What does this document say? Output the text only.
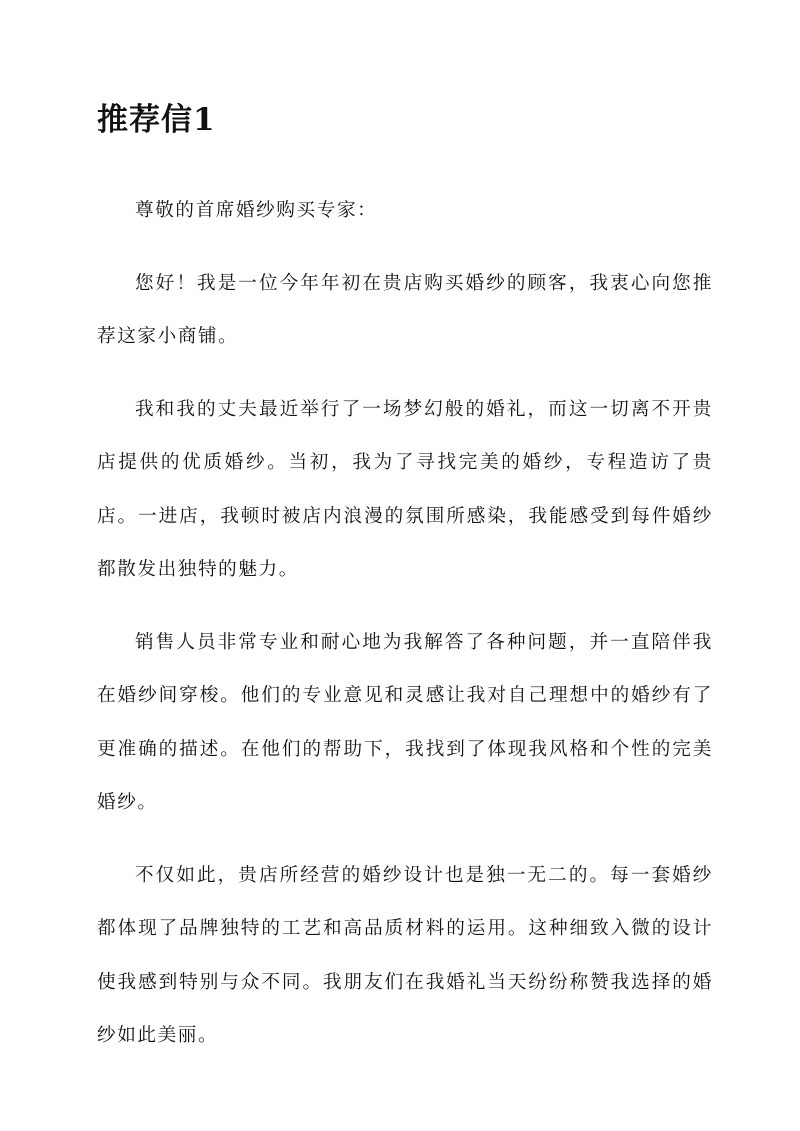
推荐信1

尊敬的首席婚纱购买专家：

您好！我是一位今年年初在贵店购买婚纱的顾客，我衷心向您推荐这家小商铺。

我和我的丈夫最近举行了一场梦幻般的婚礼，而这一切离不开贵店提供的优质婚纱。当初，我为了寻找完美的婚纱，专程造访了贵店。一进店，我顿时被店内浪漫的氛围所感染，我能感受到每件婚纱都散发出独特的魅力。

销售人员非常专业和耐心地为我解答了各种问题，并一直陪伴我在婚纱间穿梭。他们的专业意见和灵感让我对自己理想中的婚纱有了更准确的描述。在他们的帮助下，我找到了体现我风格和个性的完美婚纱。

不仅如此，贵店所经营的婚纱设计也是独一无二的。每一套婚纱都体现了品牌独特的工艺和高品质材料的运用。这种细致入微的设计使我感到特别与众不同。我朋友们在我婚礼当天纷纷称赞我选择的婚纱如此美丽。
